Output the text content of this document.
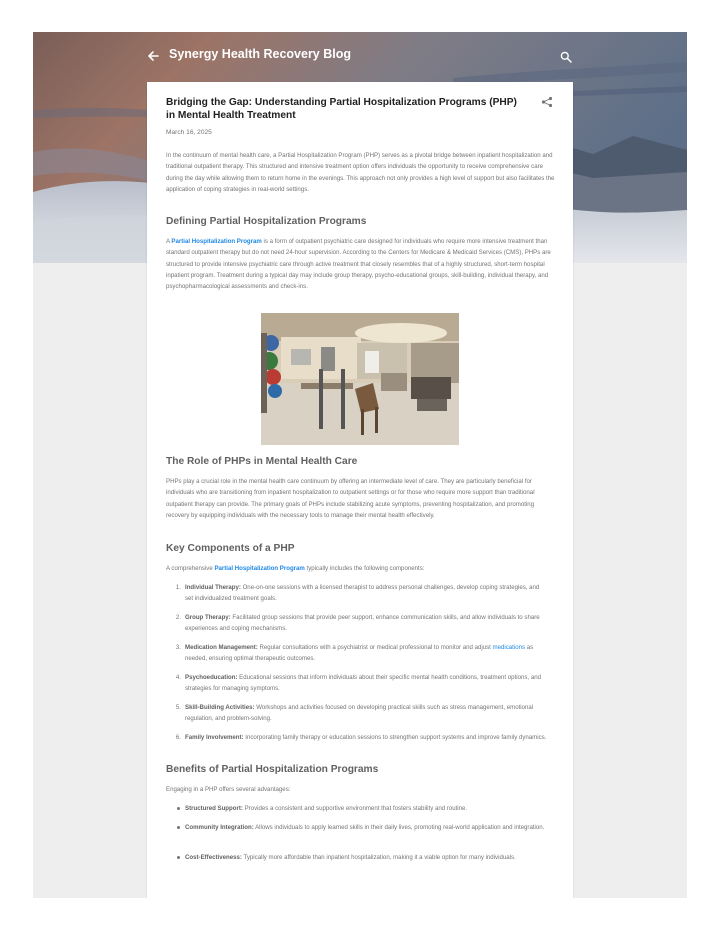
Synergy Health Recovery Blog
Bridging the Gap: Understanding Partial Hospitalization Programs (PHP) in Mental Health Treatment
March 16, 2025

In the continuum of mental health care, a Partial Hospitalization Program (PHP) serves as a pivotal bridge between inpatient hospitalization and traditional outpatient therapy. This structured and intensive treatment option offers individuals the opportunity to receive comprehensive care during the day while allowing them to return home in the evenings. This approach not only provides a high level of support but also facilitates the application of coping strategies in real-world settings.

Defining Partial Hospitalization Programs

A Partial Hospitalization Program is a form of outpatient psychiatric care designed for individuals who require more intensive treatment than standard outpatient therapy but do not need 24-hour supervision. According to the Centers for Medicare & Medicaid Services (CMS), PHPs are structured to provide intensive psychiatric care through active treatment that closely resembles that of a highly structured, short-term hospital inpatient program. Treatment during a typical day may include group therapy, psycho-educational groups, skill-building, individual therapy, and psychopharmacological assessments and check-ins.

The Role of PHPs in Mental Health Care

PHPs play a crucial role in the mental health care continuum by offering an intermediate level of care. They are particularly beneficial for individuals who are transitioning from inpatient hospitalization to outpatient settings or for those who require more support than traditional outpatient therapy can provide. The primary goals of PHPs include stabilizing acute symptoms, preventing hospitalization, and promoting recovery by equipping individuals with the necessary tools to manage their mental health effectively.

Key Components of a PHP

A comprehensive Partial Hospitalization Program typically includes the following components:

1. Individual Therapy: One-on-one sessions with a licensed therapist to address personal challenges, develop coping strategies, and set individualized treatment goals.
2. Group Therapy: Facilitated group sessions that provide peer support, enhance communication skills, and allow individuals to share experiences and coping mechanisms.
3. Medication Management: Regular consultations with a psychiatrist or medical professional to monitor and adjust medications as needed, ensuring optimal therapeutic outcomes.
4. Psychoeducation: Educational sessions that inform individuals about their specific mental health conditions, treatment options, and strategies for managing symptoms.
5. Skill-Building Activities: Workshops and activities focused on developing practical skills such as stress management, emotional regulation, and problem-solving.
6. Family Involvement: Incorporating family therapy or education sessions to strengthen support systems and improve family dynamics.
Benefits of Partial Hospitalization Programs

Engaging in a PHP offers several advantages:

Structured Support: Provides a consistent and supportive environment that fosters stability and routine.
Community Integration: Allows individuals to apply learned skills in their daily lives, promoting real-world application and integration.
Cost-Effectiveness: Typically more affordable than inpatient hospitalization, making it a viable option for many individuals.
